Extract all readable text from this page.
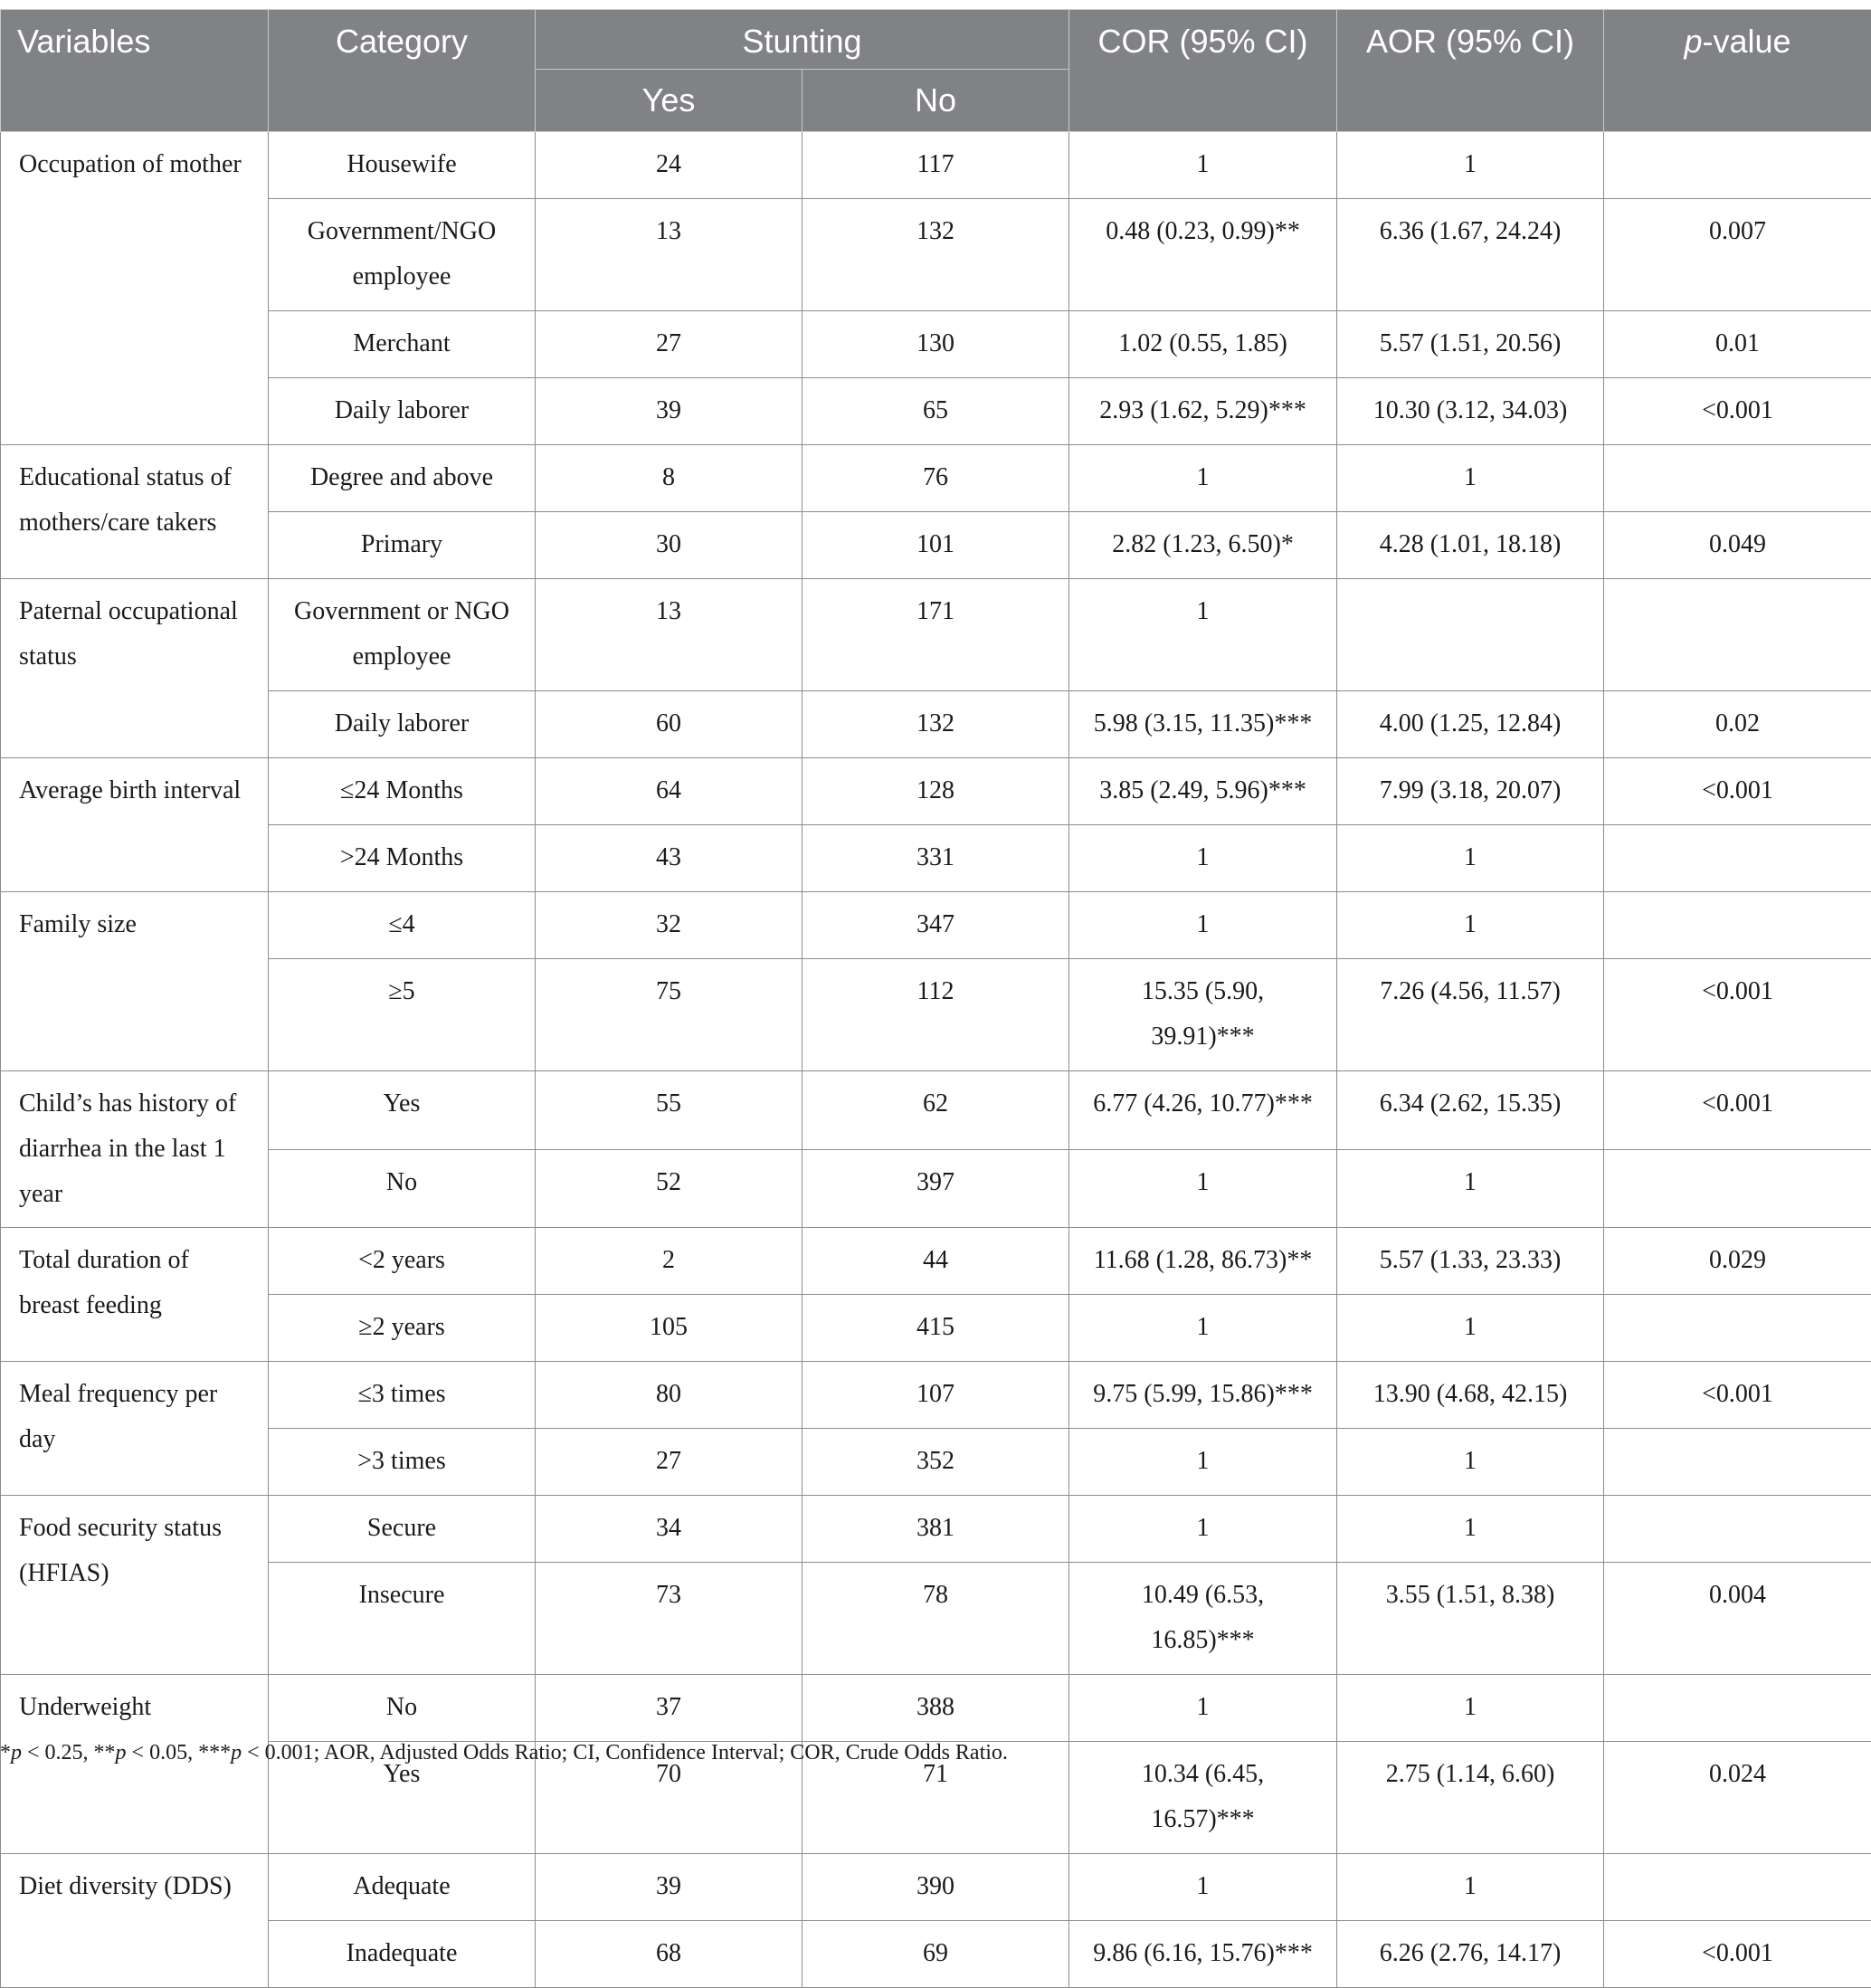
Variables	Category	Stunting		COR (95% CI)	AOR (95% CI)	p-value
		Yes	No			
Occupation of mother	Housewife	24	117	1	1	
	Government/NGO employee	13	132	0.48 (0.23, 0.99)**	6.36 (1.67, 24.24)	0.007
	Merchant	27	130	1.02 (0.55, 1.85)	5.57 (1.51, 20.56)	0.01
	Daily laborer	39	65	2.93 (1.62, 5.29)***	10.30 (3.12, 34.03)	<0.001
Educational status of mothers/care takers	Degree and above	8	76	1	1	
	Primary	30	101	2.82 (1.23, 6.50)*	4.28 (1.01, 18.18)	0.049
Paternal occupational status	Government or NGO employee	13	171	1		
	Daily laborer	60	132	5.98 (3.15, 11.35)***	4.00 (1.25, 12.84)	0.02
Average birth interval	≤24 Months	64	128	3.85 (2.49, 5.96)***	7.99 (3.18, 20.07)	<0.001
	>24 Months	43	331	1	1	
Family size	≤4	32	347	1	1	
	≥5	75	112	15.35 (5.90, 39.91)***	7.26 (4.56, 11.57)	<0.001
Child’s has history of diarrhea in the last 1 year	Yes	55	62	6.77 (4.26, 10.77)***	6.34 (2.62, 15.35)	<0.001
	No	52	397	1	1	
Total duration of breast feeding	<2 years	2	44	11.68 (1.28, 86.73)**	5.57 (1.33, 23.33)	0.029
	≥2 years	105	415	1	1	
Meal frequency per day	≤3 times	80	107	9.75 (5.99, 15.86)***	13.90 (4.68, 42.15)	<0.001
	>3 times	27	352	1	1	
Food security status (HFIAS)	Secure	34	381	1	1	
	Insecure	73	78	10.49 (6.53, 16.85)***	3.55 (1.51, 8.38)	0.004
Underweight	No	37	388	1	1	
	Yes	70	71	10.34 (6.45, 16.57)***	2.75 (1.14, 6.60)	0.024
Diet diversity (DDS)	Adequate	39	390	1	1	
	Inadequate	68	69	9.86 (6.16, 15.76)***	6.26 (2.76, 14.17)	<0.001
*p < 0.25, **p < 0.05, ***p < 0.001; AOR, Adjusted Odds Ratio; CI, Confidence Interval; COR, Crude Odds Ratio.
